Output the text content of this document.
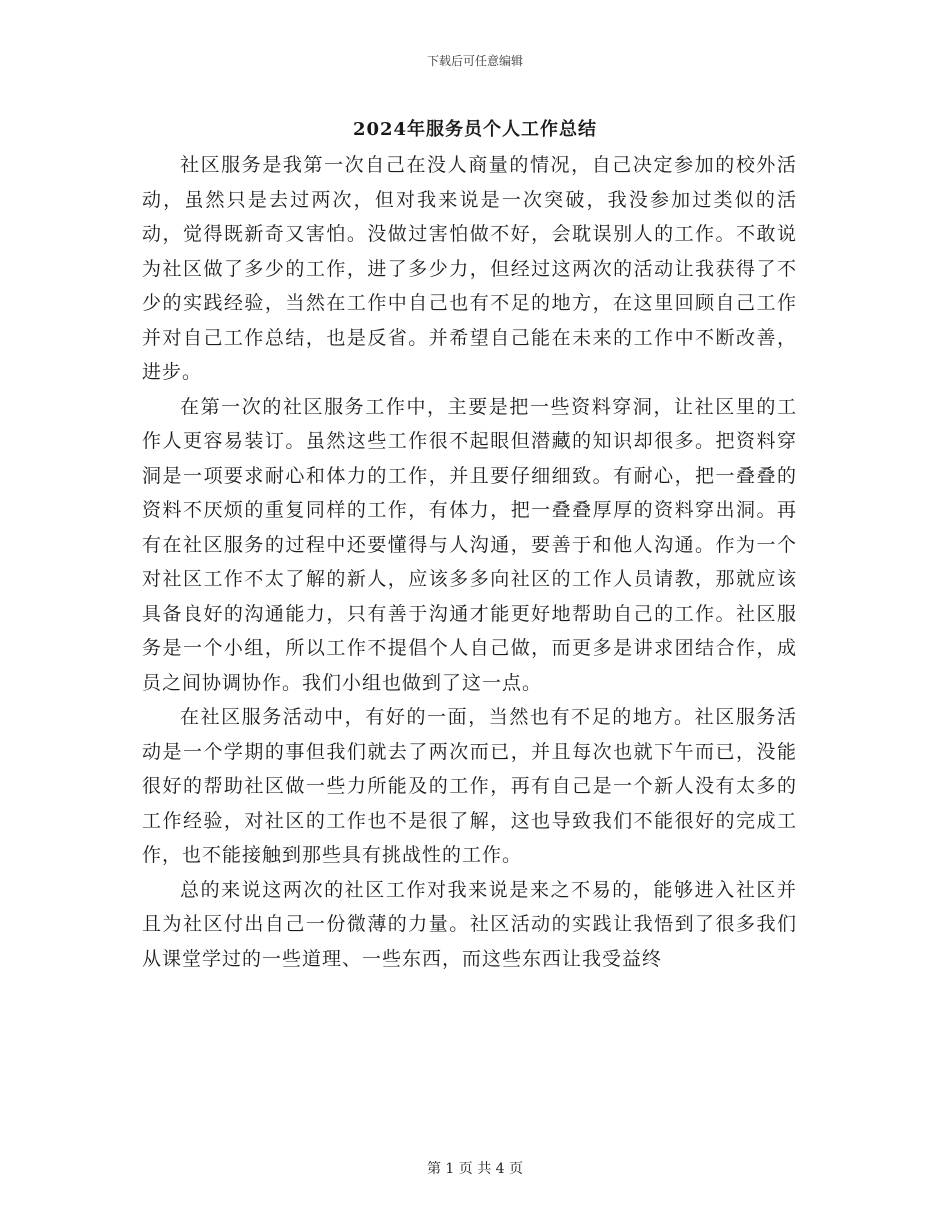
下载后可任意编辑
2024年服务员个人工作总结

社区服务是我第一次自己在没人商量的情况，自己决定参加的校外活动，虽然只是去过两次，但对我来说是一次突破，我没参加过类似的活动，觉得既新奇又害怕。没做过害怕做不好，会耽误别人的工作。不敢说为社区做了多少的工作，进了多少力，但经过这两次的活动让我获得了不少的实践经验，当然在工作中自己也有不足的地方，在这里回顾自己工作并对自己工作总结，也是反省。并希望自己能在未来的工作中不断改善，进步。

在第一次的社区服务工作中，主要是把一些资料穿洞，让社区里的工作人更容易装订。虽然这些工作很不起眼但潜藏的知识却很多。把资料穿洞是一项要求耐心和体力的工作，并且要仔细细致。有耐心，把一叠叠的资料不厌烦的重复同样的工作，有体力，把一叠叠厚厚的资料穿出洞。再有在社区服务的过程中还要懂得与人沟通，要善于和他人沟通。作为一个对社区工作不太了解的新人，应该多多向社区的工作人员请教，那就应该具备良好的沟通能力，只有善于沟通才能更好地帮助自己的工作。社区服务是一个小组，所以工作不提倡个人自己做，而更多是讲求团结合作，成员之间协调协作。我们小组也做到了这一点。

在社区服务活动中，有好的一面，当然也有不足的地方。社区服务活动是一个学期的事但我们就去了两次而已，并且每次也就下午而已，没能很好的帮助社区做一些力所能及的工作，再有自己是一个新人没有太多的工作经验，对社区的工作也不是很了解，这也导致我们不能很好的完成工作，也不能接触到那些具有挑战性的工作。

总的来说这两次的社区工作对我来说是来之不易的，能够进入社区并且为社区付出自己一份微薄的力量。社区活动的实践让我悟到了很多我们从课堂学过的一些道理、一些东西，而这些东西让我受益终

第 1 页 共 4 页
